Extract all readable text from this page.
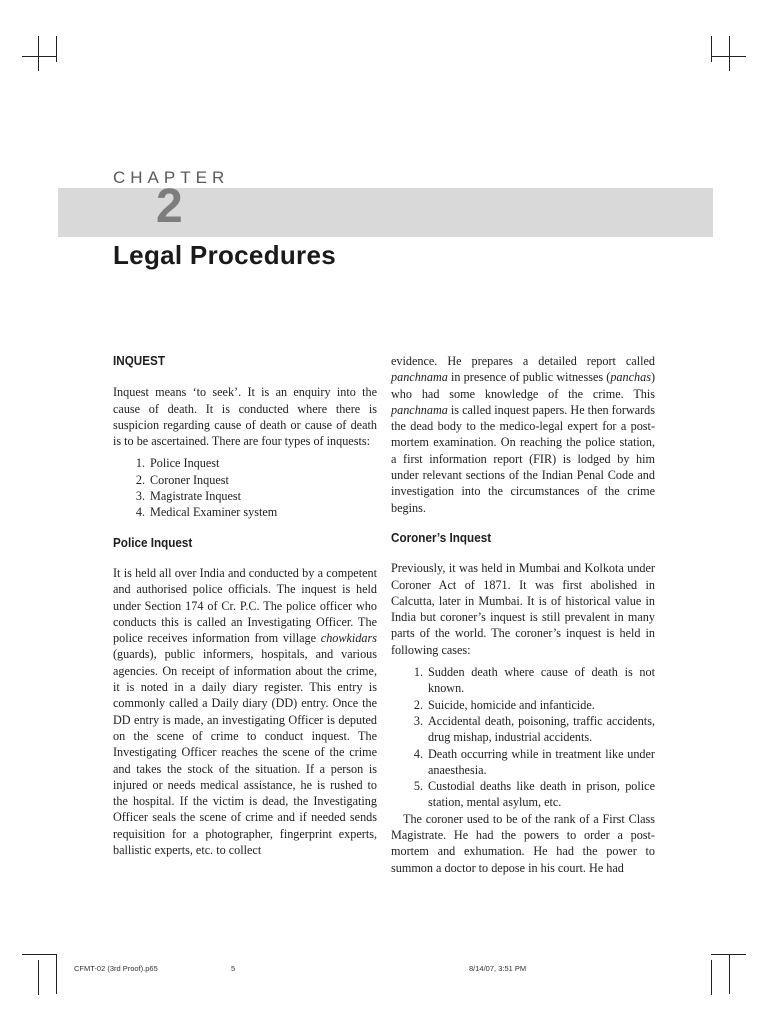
CHAPTER
2
Legal Procedures
INQUEST

Inquest means ‘to seek’. It is an enquiry into the cause of death. It is conducted where there is suspicion regarding cause of death or cause of death is to be ascertained. There are four types of inquests:

1. Police Inquest
2. Coroner Inquest
3. Magistrate Inquest
4. Medical Examiner system
Police Inquest

It is held all over India and conducted by a competent and authorised police officials. The inquest is held under Section 174 of Cr. P.C. The police officer who conducts this is called an Investigating Officer. The police receives information from village chowkidars (guards), public informers, hospitals, and various agencies. On receipt of information about the crime, it is noted in a daily diary register. This entry is commonly called a Daily diary (DD) entry. Once the DD entry is made, an investigating Officer is deputed on the scene of crime to conduct inquest. The Investigating Officer reaches the scene of the crime and takes the stock of the situation. If a person is injured or needs medical assistance, he is rushed to the hospital. If the victim is dead, the Investigating Officer seals the scene of crime and if needed sends requisition for a photographer, fingerprint experts, ballistic experts, etc. to collect

evidence. He prepares a detailed report called panchnama in presence of public witnesses (panchas) who had some knowledge of the crime. This panchnama is called inquest papers. He then forwards the dead body to the medico-legal expert for a post-mortem examination. On reaching the police station, a first information report (FIR) is lodged by him under relevant sections of the Indian Penal Code and investigation into the circumstances of the crime begins.

Coroner’s Inquest

Previously, it was held in Mumbai and Kolkota under Coroner Act of 1871. It was first abolished in Calcutta, later in Mumbai. It is of historical value in India but coroner’s inquest is still prevalent in many parts of the world. The coroner’s inquest is held in following cases:

1. Sudden death where cause of death is not known.
2. Suicide, homicide and infanticide.
3. Accidental death, poisoning, traffic accidents, drug mishap, industrial accidents.
4. Death occurring while in treatment like under anaesthesia.
5. Custodial deaths like death in prison, police station, mental asylum, etc.

The coroner used to be of the rank of a First Class Magistrate. He had the powers to order a post-mortem and exhumation. He had the power to summon a doctor to depose in his court. He had

CFMT-02 (3rd Proof).p65	5	8/14/07, 3:51 PM
